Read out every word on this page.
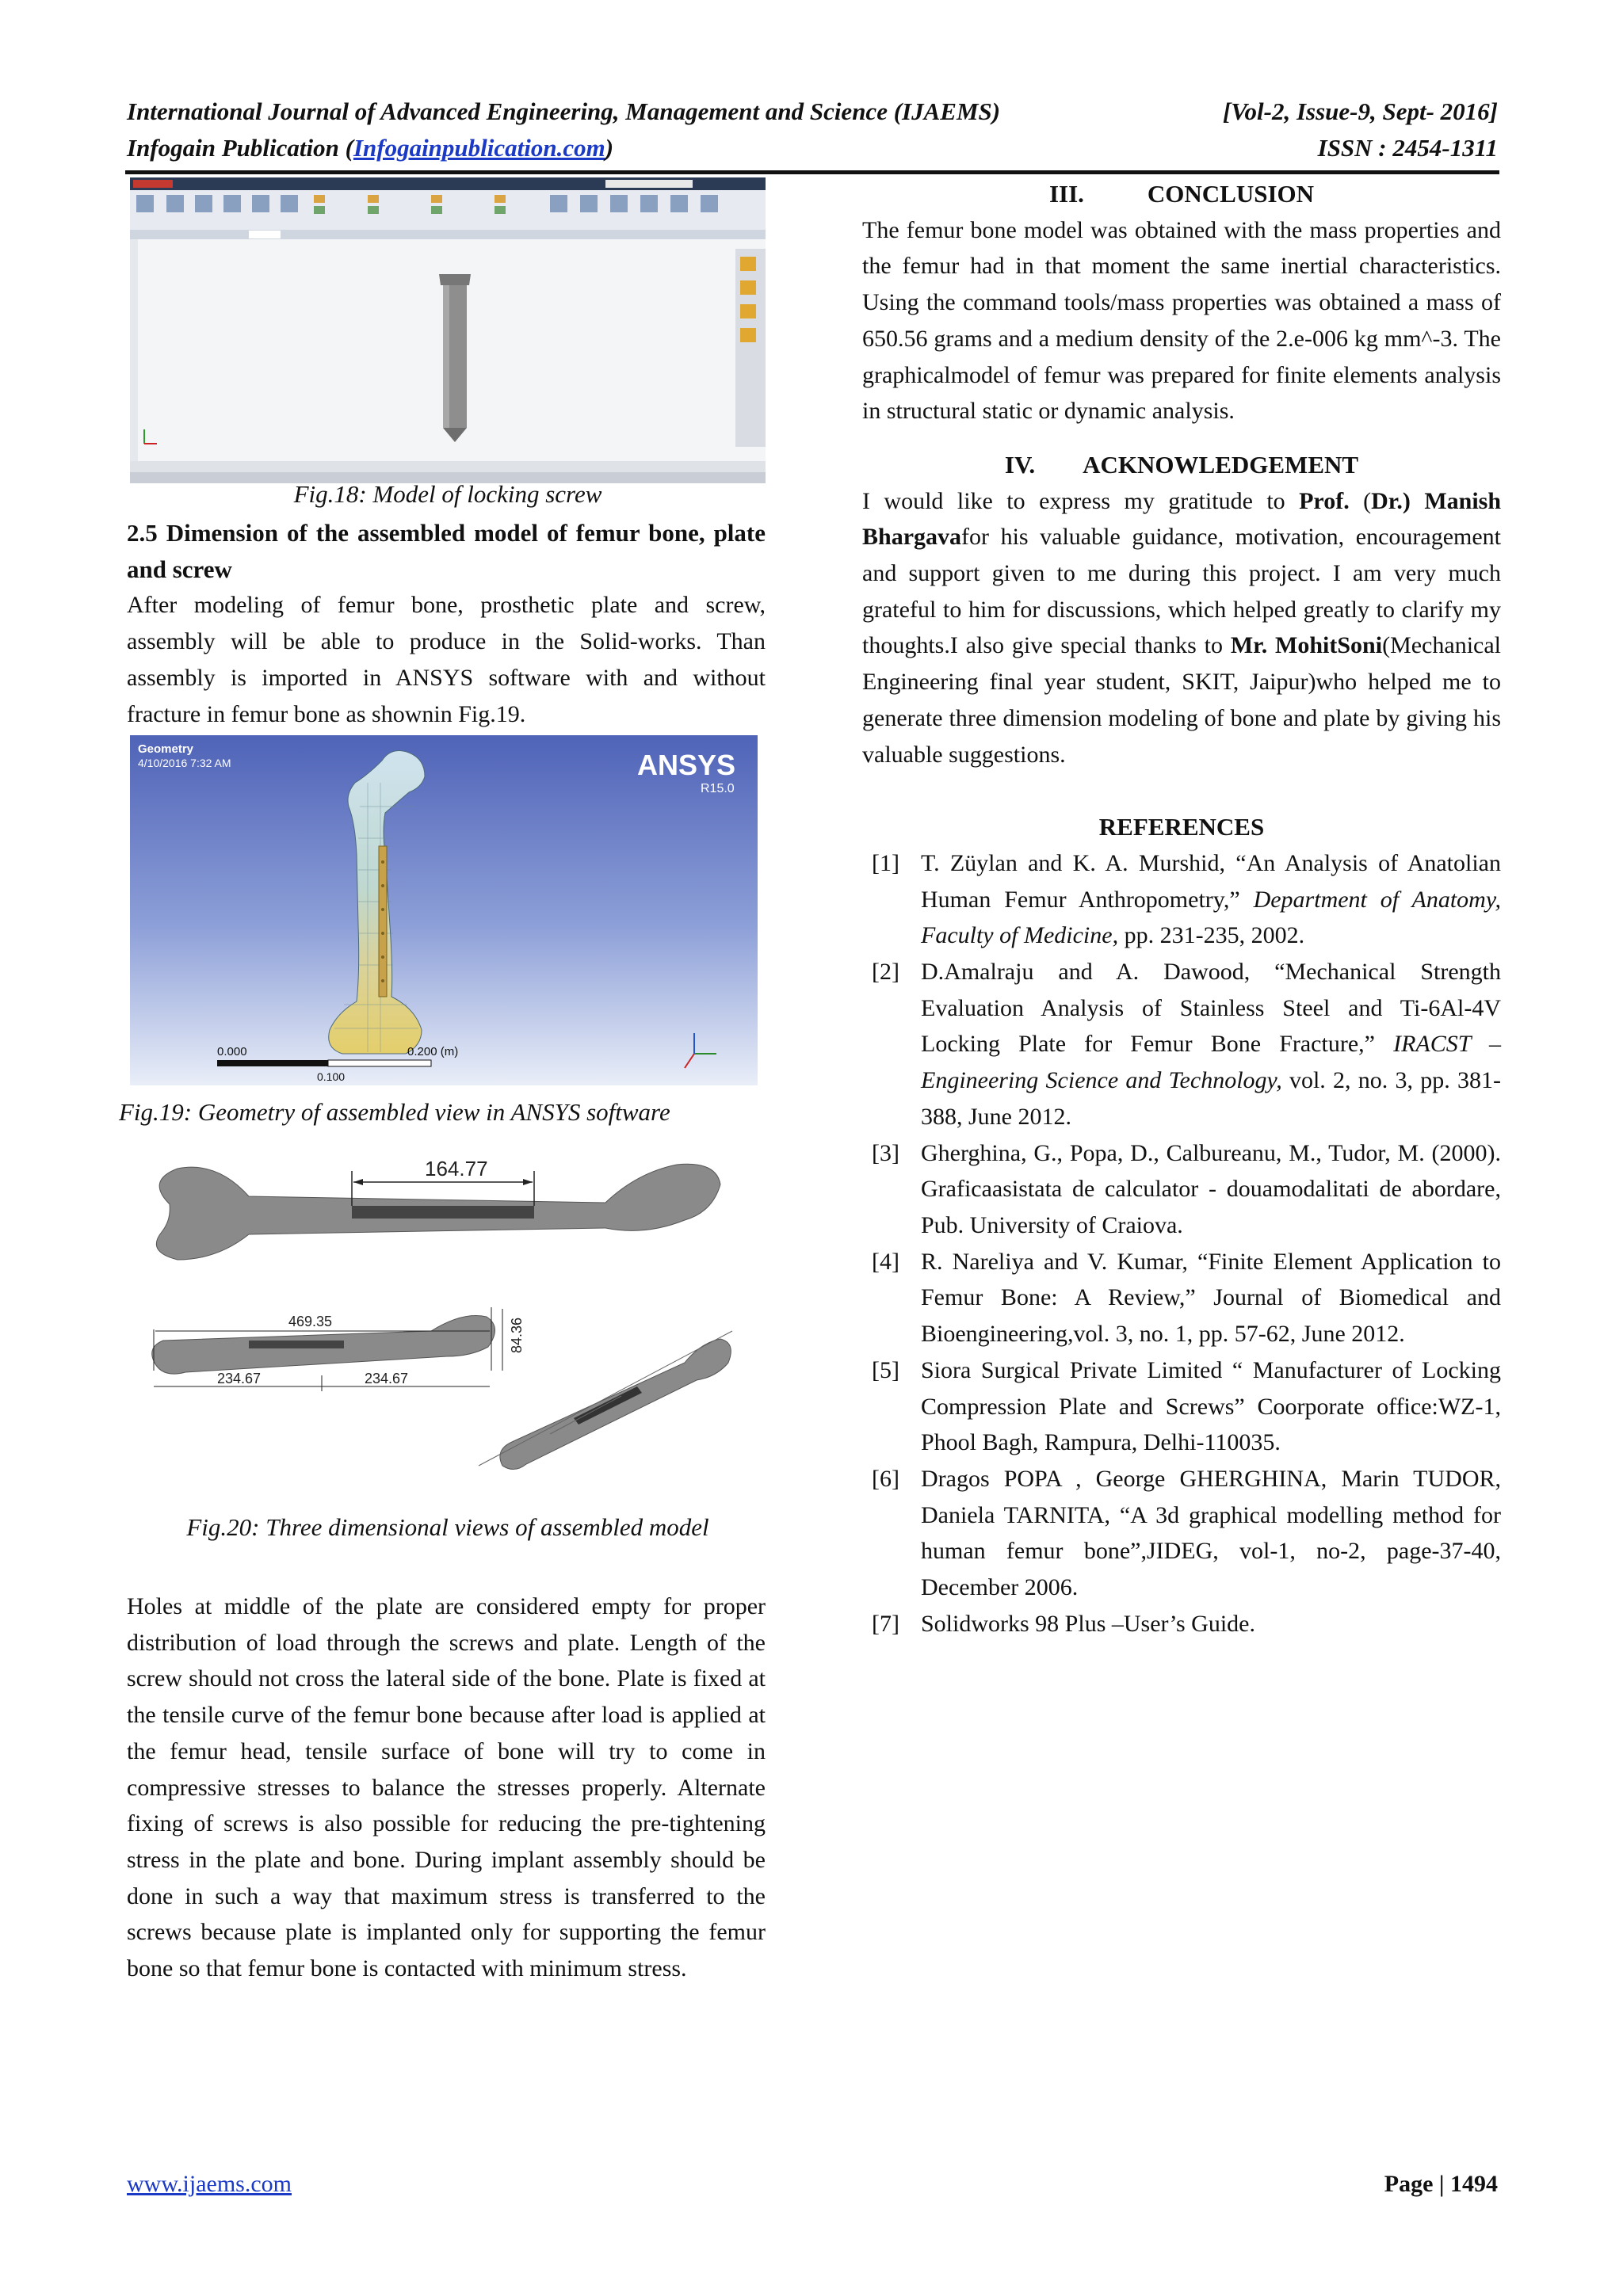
International Journal of Advanced Engineering, Management and Science (IJAEMS)
Infogain Publication (Infogainpublication.com)
[Vol-2, Issue-9, Sept- 2016]
ISSN : 2454-1311
Fig.18: Model of locking screw
2.5 Dimension of the assembled model of femur bone, plate and screw
After modeling of femur bone, prosthetic plate and screw, assembly will be able to produce in the Solid-works. Than assembly is imported in ANSYS software with and without fracture in femur bone as shownin Fig.19.
Geometry
4/10/2016 7:32 AM	ANSYS
R15.0
0.000
0.100
0.200 (m)
Fig.19: Geometry of assembled view in ANSYS software
164.77
469.35
234.67	234.67
84.36
Fig.20: Three dimensional views of assembled model
Holes at middle of the plate are considered empty for proper distribution of load through the screws and plate. Length of the screw should not cross the lateral side of the bone. Plate is fixed at the tensile curve of the femur bone because after load is applied at the femur head, tensile surface of bone will try to come in compressive stresses to balance the stresses properly. Alternate fixing of screws is also possible for reducing the pre-tightening stress in the plate and bone. During implant assembly should be done in such a way that maximum stress is transferred to the screws because plate is implanted only for supporting the femur bone so that femur bone is contacted with minimum stress.
III.	CONCLUSION
The femur bone model was obtained with the mass properties and the femur had in that moment the same inertial characteristics. Using the command tools/mass properties was obtained a mass of 650.56 grams and a medium density of the 2.e-006 kg mm^-3. The graphicalmodel of femur was prepared for finite elements analysis in structural static or dynamic analysis.
IV. ACKNOWLEDGEMENT
I would like to express my gratitude to Prof. (Dr.) Manish Bhargavafor his valuable guidance, motivation, encouragement and support given to me during this project. I am very much grateful to him for discussions, which helped greatly to clarify my thoughts.I also give special thanks to Mr. MohitSoni(Mechanical Engineering final year student, SKIT, Jaipur)who helped me to generate three dimension modeling of bone and plate by giving his valuable suggestions.
REFERENCES
[1] T. Züylan and K. A. Murshid, “An Analysis of Anatolian Human Femur Anthropometry,” Department of Anatomy, Faculty of Medicine, pp. 231-235, 2002.
[2] D.Amalraju and A. Dawood, “Mechanical Strength Evaluation Analysis of Stainless Steel and Ti-6Al-4V Locking Plate for Femur Bone Fracture,” IRACST – Engineering Science and Technology, vol. 2, no. 3, pp. 381-388, June 2012.
[3] Gherghina, G., Popa, D., Calbureanu, M., Tudor, M. (2000). Graficaasistata de calculator - douamodalitati de abordare, Pub. University of Craiova.
[4] R. Nareliya and V. Kumar, “Finite Element Application to Femur Bone: A Review,” Journal of Biomedical and Bioengineering,vol. 3, no. 1, pp. 57-62, June 2012.
[5] Siora Surgical Private Limited “ Manufacturer of Locking Compression Plate and Screws” Coorporate office:WZ-1, Phool Bagh, Rampura, Delhi-110035.
[6] Dragos POPA , George GHERGHINA, Marin TUDOR, Daniela TARNITA, “A 3d graphical modelling method for human femur bone”,JIDEG, vol-1, no-2, page-37-40, December 2006.
[7] Solidworks 98 Plus –User’s Guide.
www.ijaems.com	Page | 1494
